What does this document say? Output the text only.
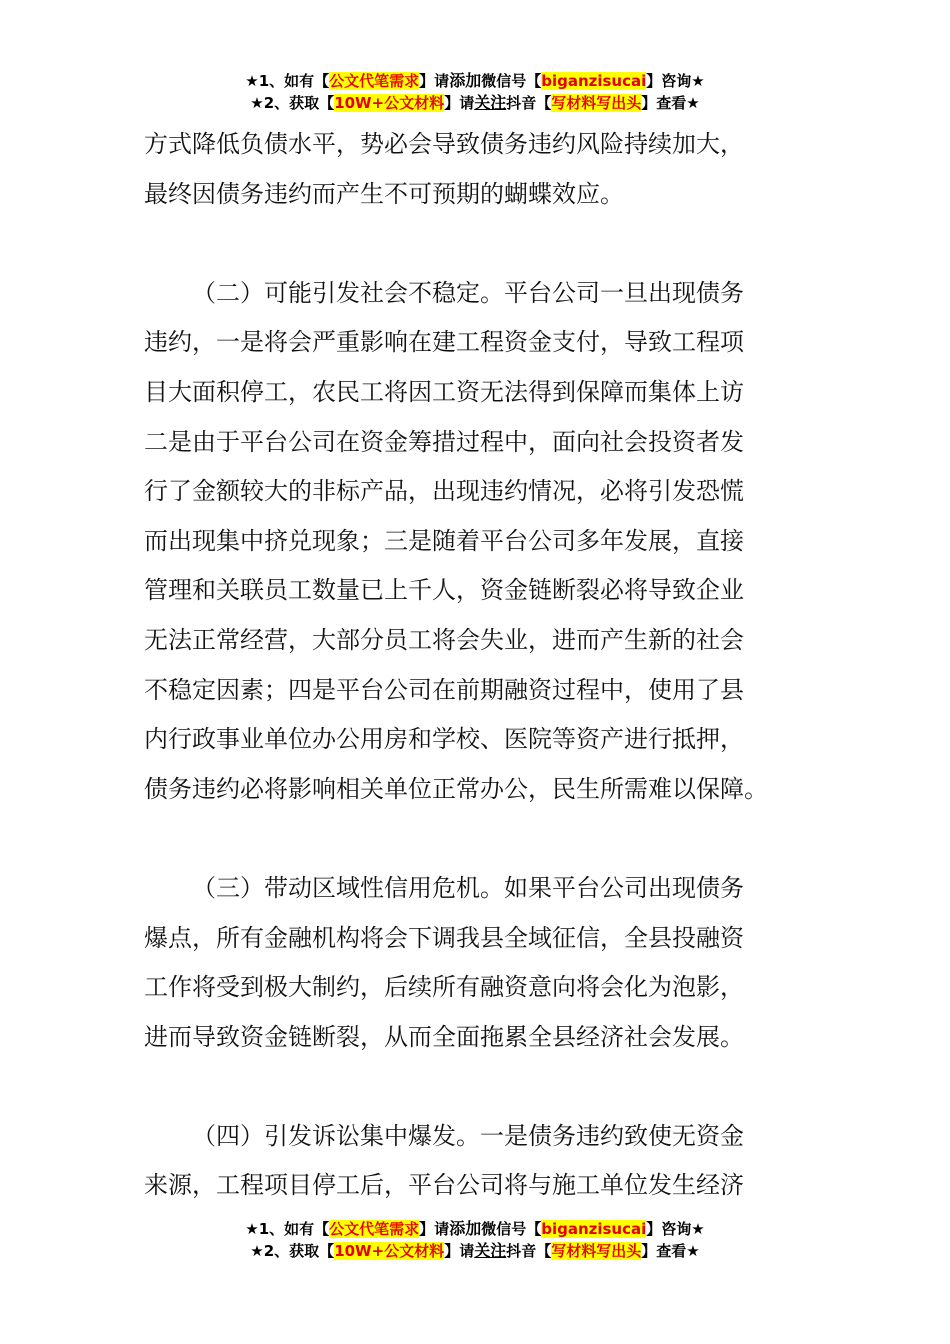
★1、如有【公文代笔需求】请添加微信号【biganzisucai】咨询★
★2、获取【10W+公文材料】请关注抖音【写材料写出头】查看★
方式降低负债水平，势必会导致债务违约风险持续加大，
最终因债务违约而产生不可预期的蝴蝶效应。
（二）可能引发社会不稳定。平台公司一旦出现债务
违约，一是将会严重影响在建工程资金支付，导致工程项
目大面积停工，农民工将因工资无法得到保障而集体上访
二是由于平台公司在资金筹措过程中，面向社会投资者发
行了金额较大的非标产品，出现违约情况，必将引发恐慌
而出现集中挤兑现象；三是随着平台公司多年发展，直接
管理和关联员工数量已上千人，资金链断裂必将导致企业
无法正常经营，大部分员工将会失业，进而产生新的社会
不稳定因素；四是平台公司在前期融资过程中，使用了县
内行政事业单位办公用房和学校、医院等资产进行抵押，
债务违约必将影响相关单位正常办公，民生所需难以保障。
（三）带动区域性信用危机。如果平台公司出现债务
爆点，所有金融机构将会下调我县全域征信，全县投融资
工作将受到极大制约，后续所有融资意向将会化为泡影，
进而导致资金链断裂，从而全面拖累全县经济社会发展。
（四）引发诉讼集中爆发。一是债务违约致使无资金
来源，工程项目停工后，平台公司将与施工单位发生经济
★1、如有【公文代笔需求】请添加微信号【biganzisucai】咨询★
★2、获取【10W+公文材料】请关注抖音【写材料写出头】查看★
